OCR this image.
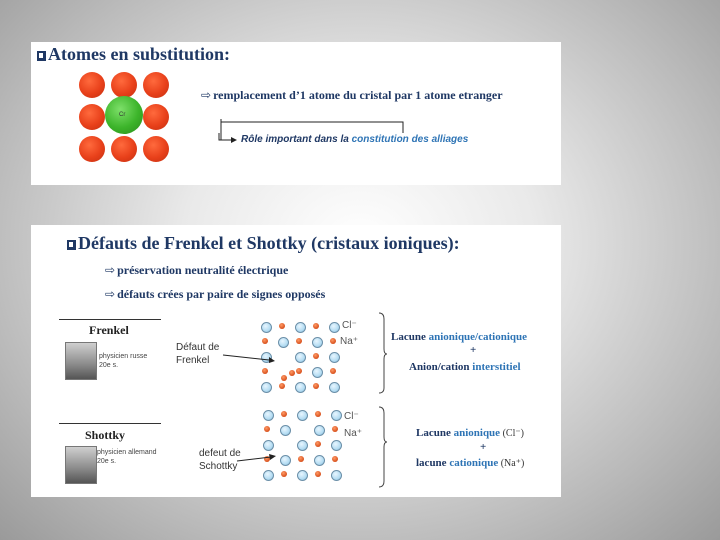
Atomes en substitution:
Cr
⇨ remplacement d’1 atome du cristal par 1 atome etranger
Rôle important dans la constitution des alliages
Défauts de Frenkel et Shottky (cristaux ioniques):
⇨ préservation neutralité électrique
⇨ défauts crées par paire de signes opposés
Frenkel
physicien russe
20e s.
Shottky
physicien allemand
20e s.
Défaut de
Frenkel
defeut de
Schottky
Cl⁻
Na⁺
Cl⁻
Na⁺
Lacune anionique/cationique
+
Anion/cation interstitiel
Lacune anionique (Cl⁻)
+
lacune cationique (Na⁺)
